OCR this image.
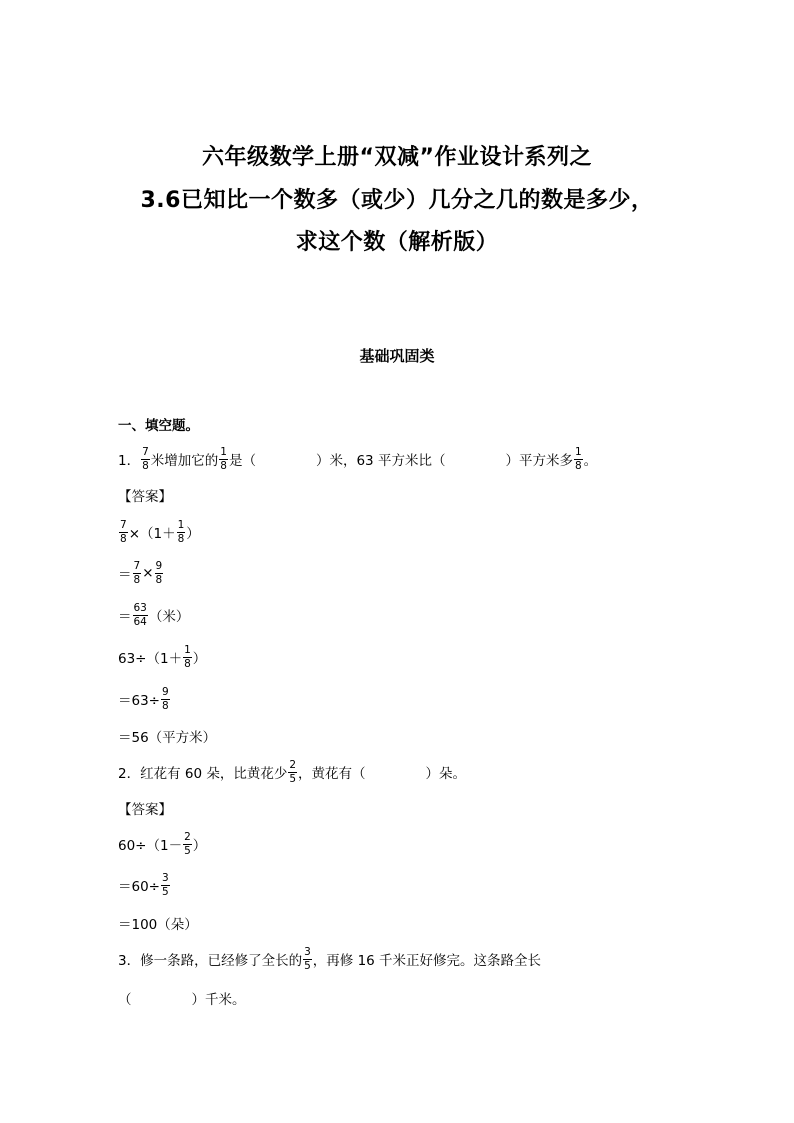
六年级数学上册“双减”作业设计系列之
3.6已知比一个数多（或少）几分之几的数是多少，
求这个数（解析版）
基础巩固类
一、填空题。
1． $\frac{7}{8}$ 米增加它的 $\frac{1}{8}$ 是（	）米，63 平方米比（	）平方米多 $\frac{1}{8}$ 。
【答案】
$\frac{7}{8} \times(1+ \frac{1}{8}$ ）
＝ $\frac{7}{8} \times \frac{9}{8}$
＝ $\frac{63}{64}$ （米）
$63\div(1+ \frac{1}{8}$ ）
$=63\div \frac{9}{8}$
＝56（平方米）
2． 红花有 60 朵，比黄花少 $\frac{2}{5}$ ，黄花有（	）朵。
【答案】
$60\div(1- \frac{2}{5}$ ）
$=60\div \frac{3}{5}$
＝100（朵）
3． 修一条路，已经修了全长的 $\frac{3}{5}$ ，再修 16 千米正好修完。这条路全长
（	）千米。
